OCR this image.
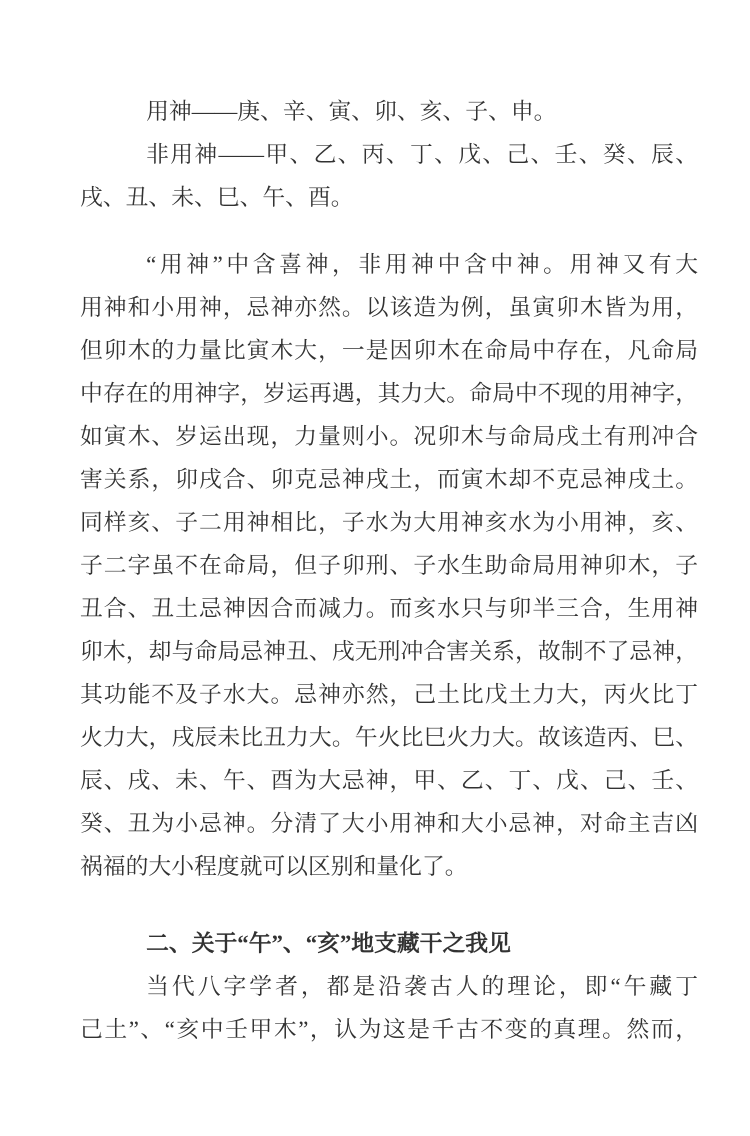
用神——庚、辛、寅、卯、亥、子、申。
非用神——甲、乙、丙、丁、戊、己、壬、癸、辰、
戌、丑、未、巳、午、酉。
“用神”中含喜神，非用神中含中神。用神又有大
用神和小用神，忌神亦然。以该造为例，虽寅卯木皆为用，
但卯木的力量比寅木大，一是因卯木在命局中存在，凡命局
中存在的用神字，岁运再遇，其力大。命局中不现的用神字，
如寅木、岁运出现，力量则小。况卯木与命局戌土有刑冲合
害关系，卯戌合、卯克忌神戌土，而寅木却不克忌神戌土。
同样亥、子二用神相比，子水为大用神亥水为小用神，亥、
子二字虽不在命局，但子卯刑、子水生助命局用神卯木，子
丑合、丑土忌神因合而减力。而亥水只与卯半三合，生用神
卯木，却与命局忌神丑、戌无刑冲合害关系，故制不了忌神，
其功能不及子水大。忌神亦然，己土比戊土力大，丙火比丁
火力大，戌辰未比丑力大。午火比巳火力大。故该造丙、巳、
辰、戌、未、午、酉为大忌神，甲、乙、丁、戊、己、壬、
癸、丑为小忌神。分清了大小用神和大小忌神，对命主吉凶
祸福的大小程度就可以区别和量化了。
二、关于“午”、“亥”地支藏干之我见
当代八字学者，都是沿袭古人的理论，即“午藏丁
己土”、“亥中壬甲木”，认为这是千古不变的真理。然而，
